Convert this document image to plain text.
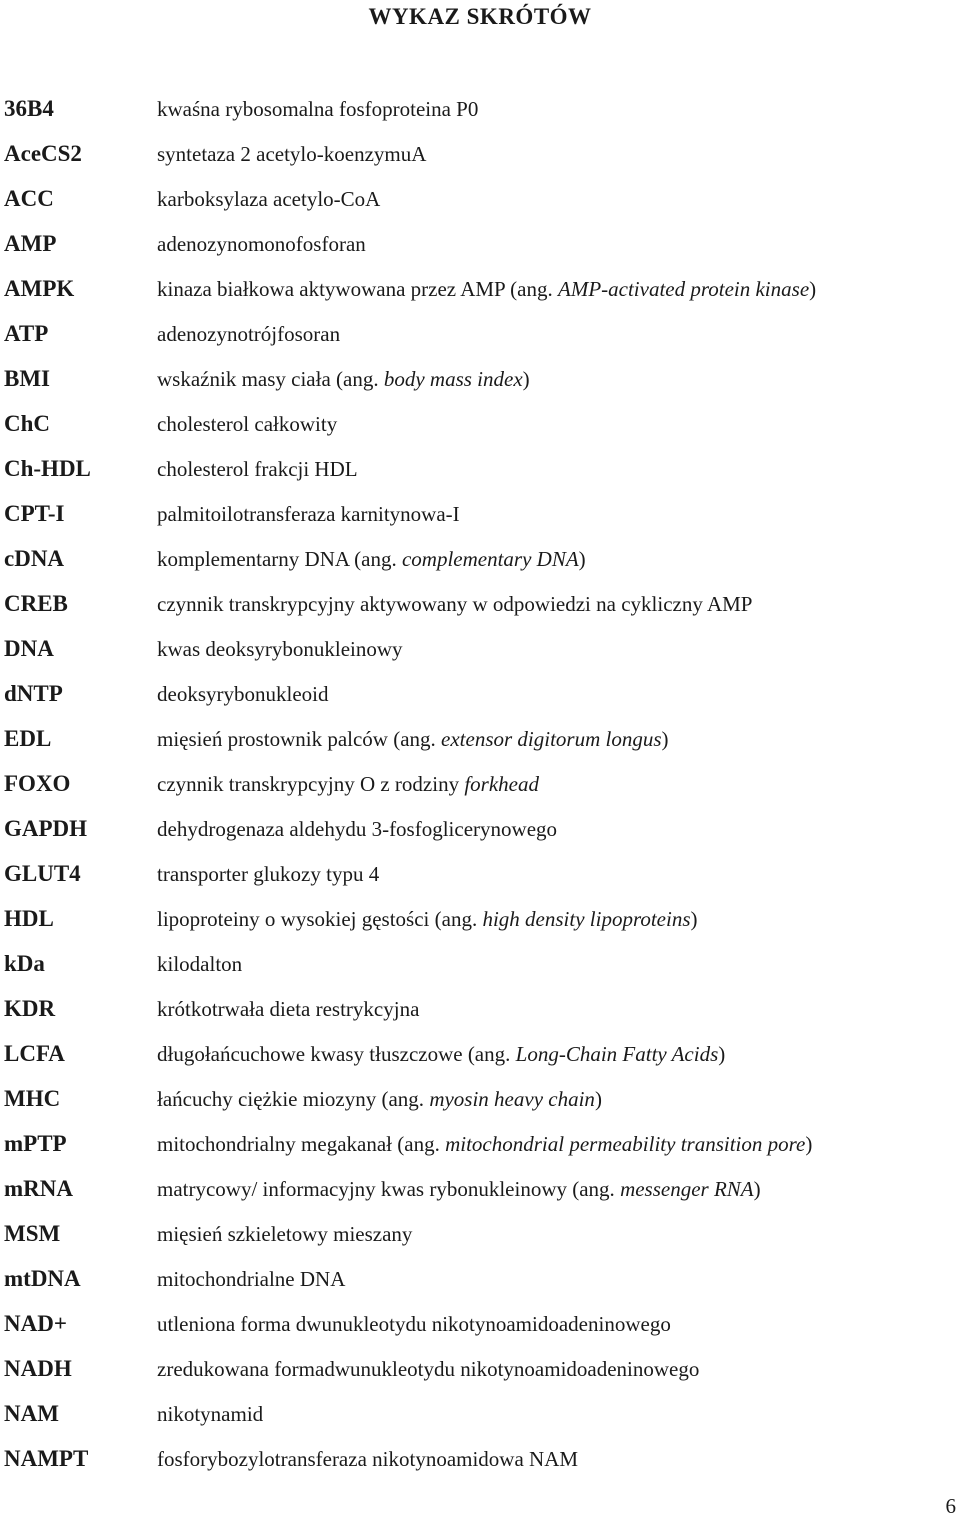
WYKAZ SKRÓTÓW
36B4	kwaśna rybosomalna fosfoproteina P0
AceCS2	syntetaza 2 acetylo-koenzymuA
ACC	karboksylaza acetylo-CoA
AMP	adenozynomonofosforan
AMPK	kinaza białkowa aktywowana przez AMP (ang. AMP-activated protein kinase)
ATP	adenozynotrójfosoran
BMI	wskaźnik masy ciała (ang. body mass index)
ChC	cholesterol całkowity
Ch-HDL	cholesterol frakcji HDL
CPT-I	palmitoilotransferaza karnitynowa-I
cDNA	komplementarny DNA (ang. complementary DNA)
CREB	czynnik transkrypcyjny aktywowany w odpowiedzi na cykliczny AMP
DNA	kwas deoksyrybonukleinowy
dNTP	deoksyrybonukleoid
EDL	mięsień prostownik palców (ang. extensor digitorum longus)
FOXO	czynnik transkrypcyjny O z rodziny forkhead
GAPDH	dehydrogenaza aldehydu 3-fosfoglicerynowego
GLUT4	transporter glukozy typu 4
HDL	lipoproteiny o wysokiej gęstości (ang. high density lipoproteins)
kDa	kilodalton
KDR	krótkotrwała dieta restrykcyjna
LCFA	długołańcuchowe kwasy tłuszczowe (ang. Long-Chain Fatty Acids)
MHC	łańcuchy ciężkie miozyny (ang. myosin heavy chain)
mPTP	mitochondrialny megakanał (ang. mitochondrial permeability transition pore)
mRNA	matrycowy/ informacyjny kwas rybonukleinowy (ang. messenger RNA)
MSM	mięsień szkieletowy mieszany
mtDNA	mitochondrialne DNA
NAD+	utleniona forma dwunukleotydu nikotynoamidoadeninowego
NADH	zredukowana formadwunukleotydu nikotynoamidoadeninowego
NAM	nikotynamid
NAMPT	fosforybozylotransferaza nikotynoamidowa NAM
6
